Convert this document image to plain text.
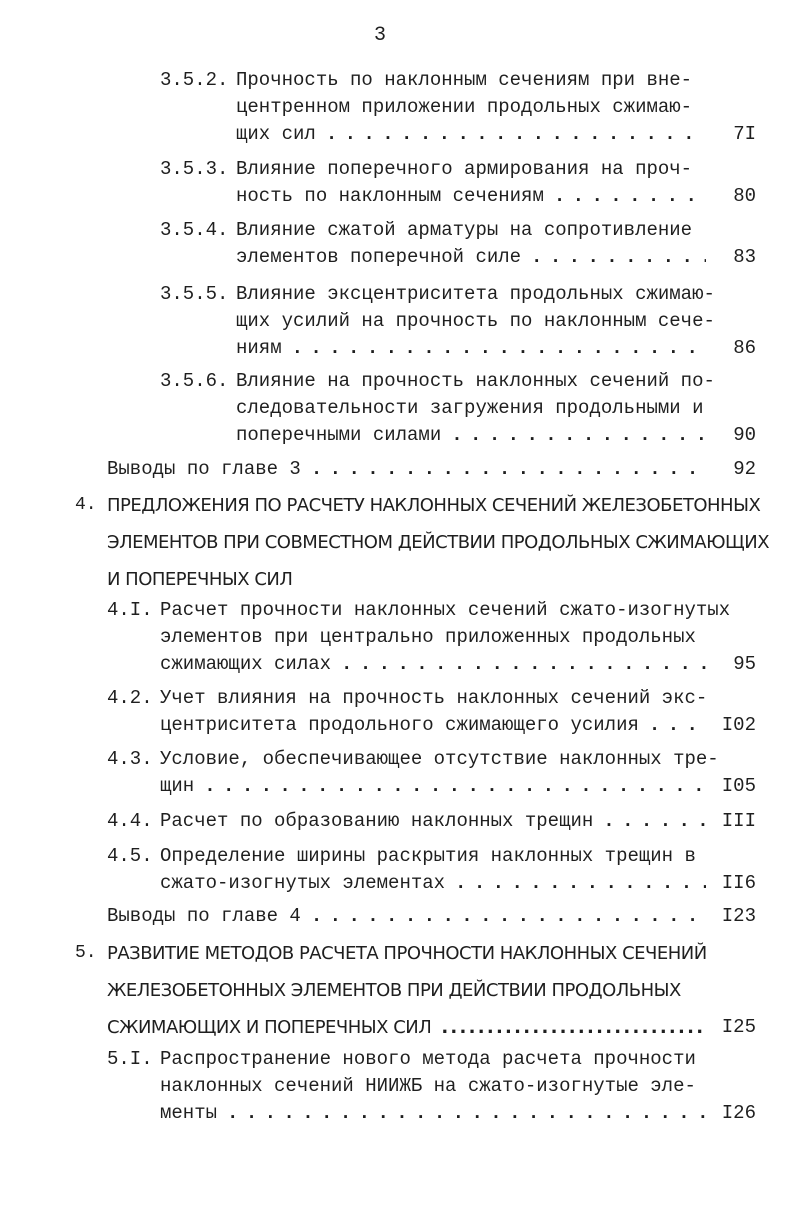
3
3.5.2. Прочность по наклонным сечениям при вне-
центренном приложении продольных сжимаю-
щих сил . . .	7I
3.5.3. Влияние поперечного армирования на проч-
ность по наклонным сечениям . . .	80
3.5.4. Влияние сжатой арматуры на сопротивление
элементов поперечной силе . . .	83
3.5.5. Влияние эксцентриситета продольных сжимаю-
щих усилий на прочность по наклонным сече-
ниям . . .	86
3.5.6. Влияние на прочность наклонных сечений по-
следовательности загружения продольными и
поперечными силами . . .	90
Выводы по главе 3 . . .	92
4. ПРЕДЛОЖЕНИЯ ПО РАСЧЕТУ НАКЛОННЫХ СЕЧЕНИЙ ЖЕЛЕЗОБЕТОННЫХ
ЭЛЕМЕНТОВ ПРИ СОВМЕСТНОМ ДЕЙСТВИИ ПРОДОЛЬНЫХ СЖИМАЮЩИХ
И ПОПЕРЕЧНЫХ СИЛ
4.I. Расчет прочности наклонных сечений сжато-изогнутых
элементов при центрально приложенных продольных
сжимающих силах . . .	95
4.2. Учет влияния на прочность наклонных сечений экс-
центриситета продольного сжимающего усилия . . .	I02
4.3. Условие, обеспечивающее отсутствие наклонных тре-
щин . . .	I05
4.4. Расчет по образованию наклонных трещин . . .	III
4.5. Определение ширины раскрытия наклонных трещин в
сжато-изогнутых элементах . . .	II6
Выводы по главе 4 . . .	I23
5. РАЗВИТИЕ МЕТОДОВ РАСЧЕТА ПРОЧНОСТИ НАКЛОННЫХ СЕЧЕНИЙ
ЖЕЛЕЗОБЕТОННЫХ ЭЛЕМЕНТОВ ПРИ ДЕЙСТВИИ ПРОДОЛЬНЫХ
СЖИМАЮЩИХ И ПОПЕРЕЧНЫХ СИЛ . . .	I25
5.I. Распространение нового метода расчета прочности
наклонных сечений НИИЖБ на сжато-изогнутые эле-
менты . . .	I26
